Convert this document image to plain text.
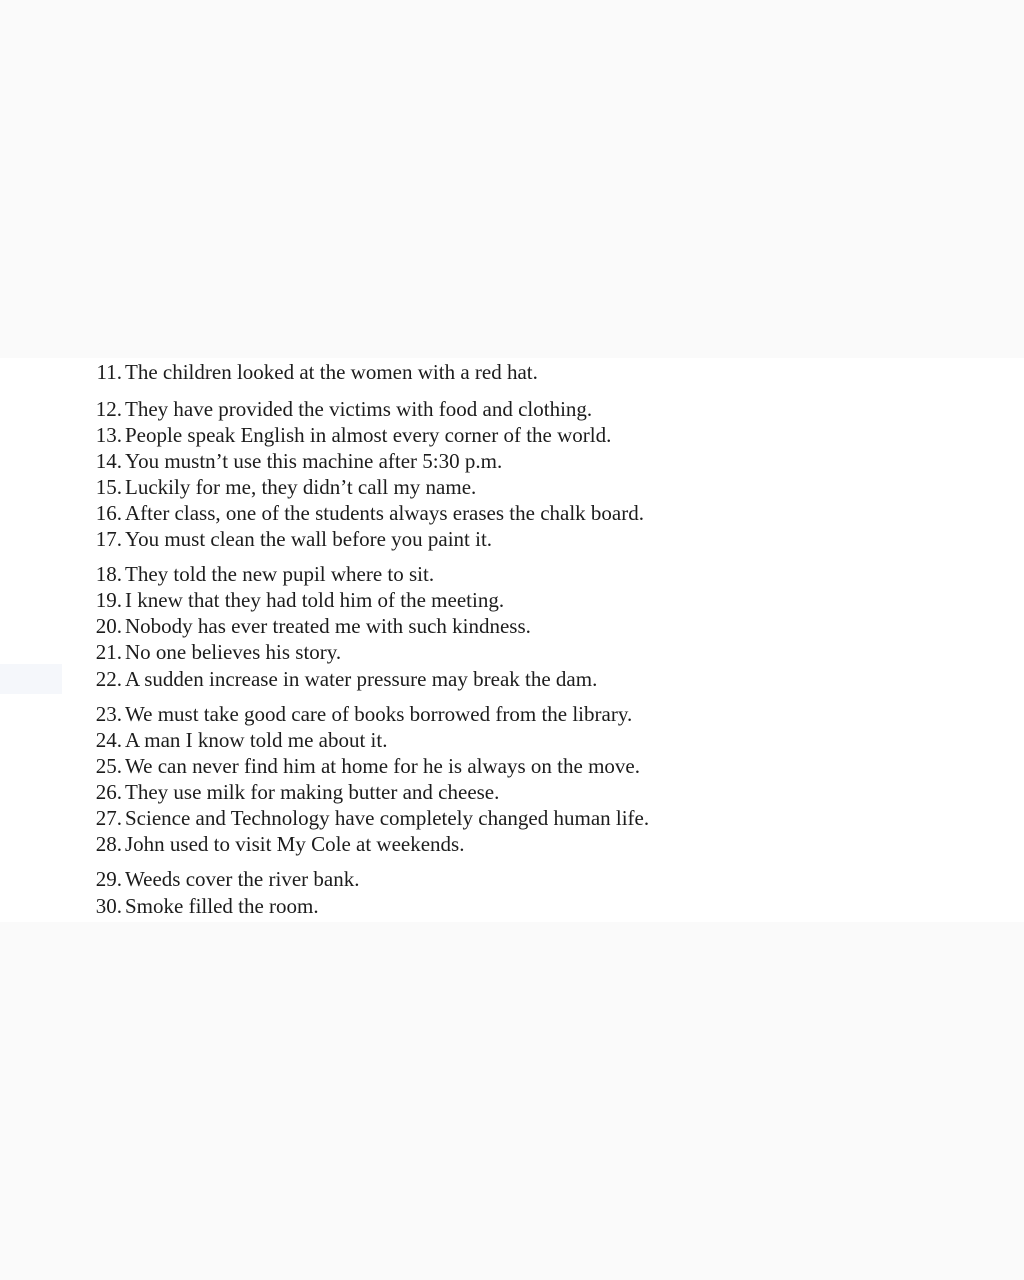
11. The children looked at the women with a red hat.
12. They have provided the victims with food and clothing.
13. People speak English in almost every corner of the world.
14. You mustn’t use this machine after 5:30 p.m.
15. Luckily for me, they didn’t call my name.
16. After class, one of the students always erases the chalk board.
17. You must clean the wall before you paint it.
18. They told the new pupil where to sit.
19. I knew that they had told him of the meeting.
20. Nobody has ever treated me with such kindness.
21. No one believes his story.
22. A sudden increase in water pressure may break the dam.
23. We must take good care of books borrowed from the library.
24. A man I know told me about it.
25. We can never find him at home for he is always on the move.
26. They use milk for making butter and cheese.
27. Science and Technology have completely changed human life.
28. John used to visit My Cole at weekends.
29. Weeds cover the river bank.
30. Smoke filled the room.
